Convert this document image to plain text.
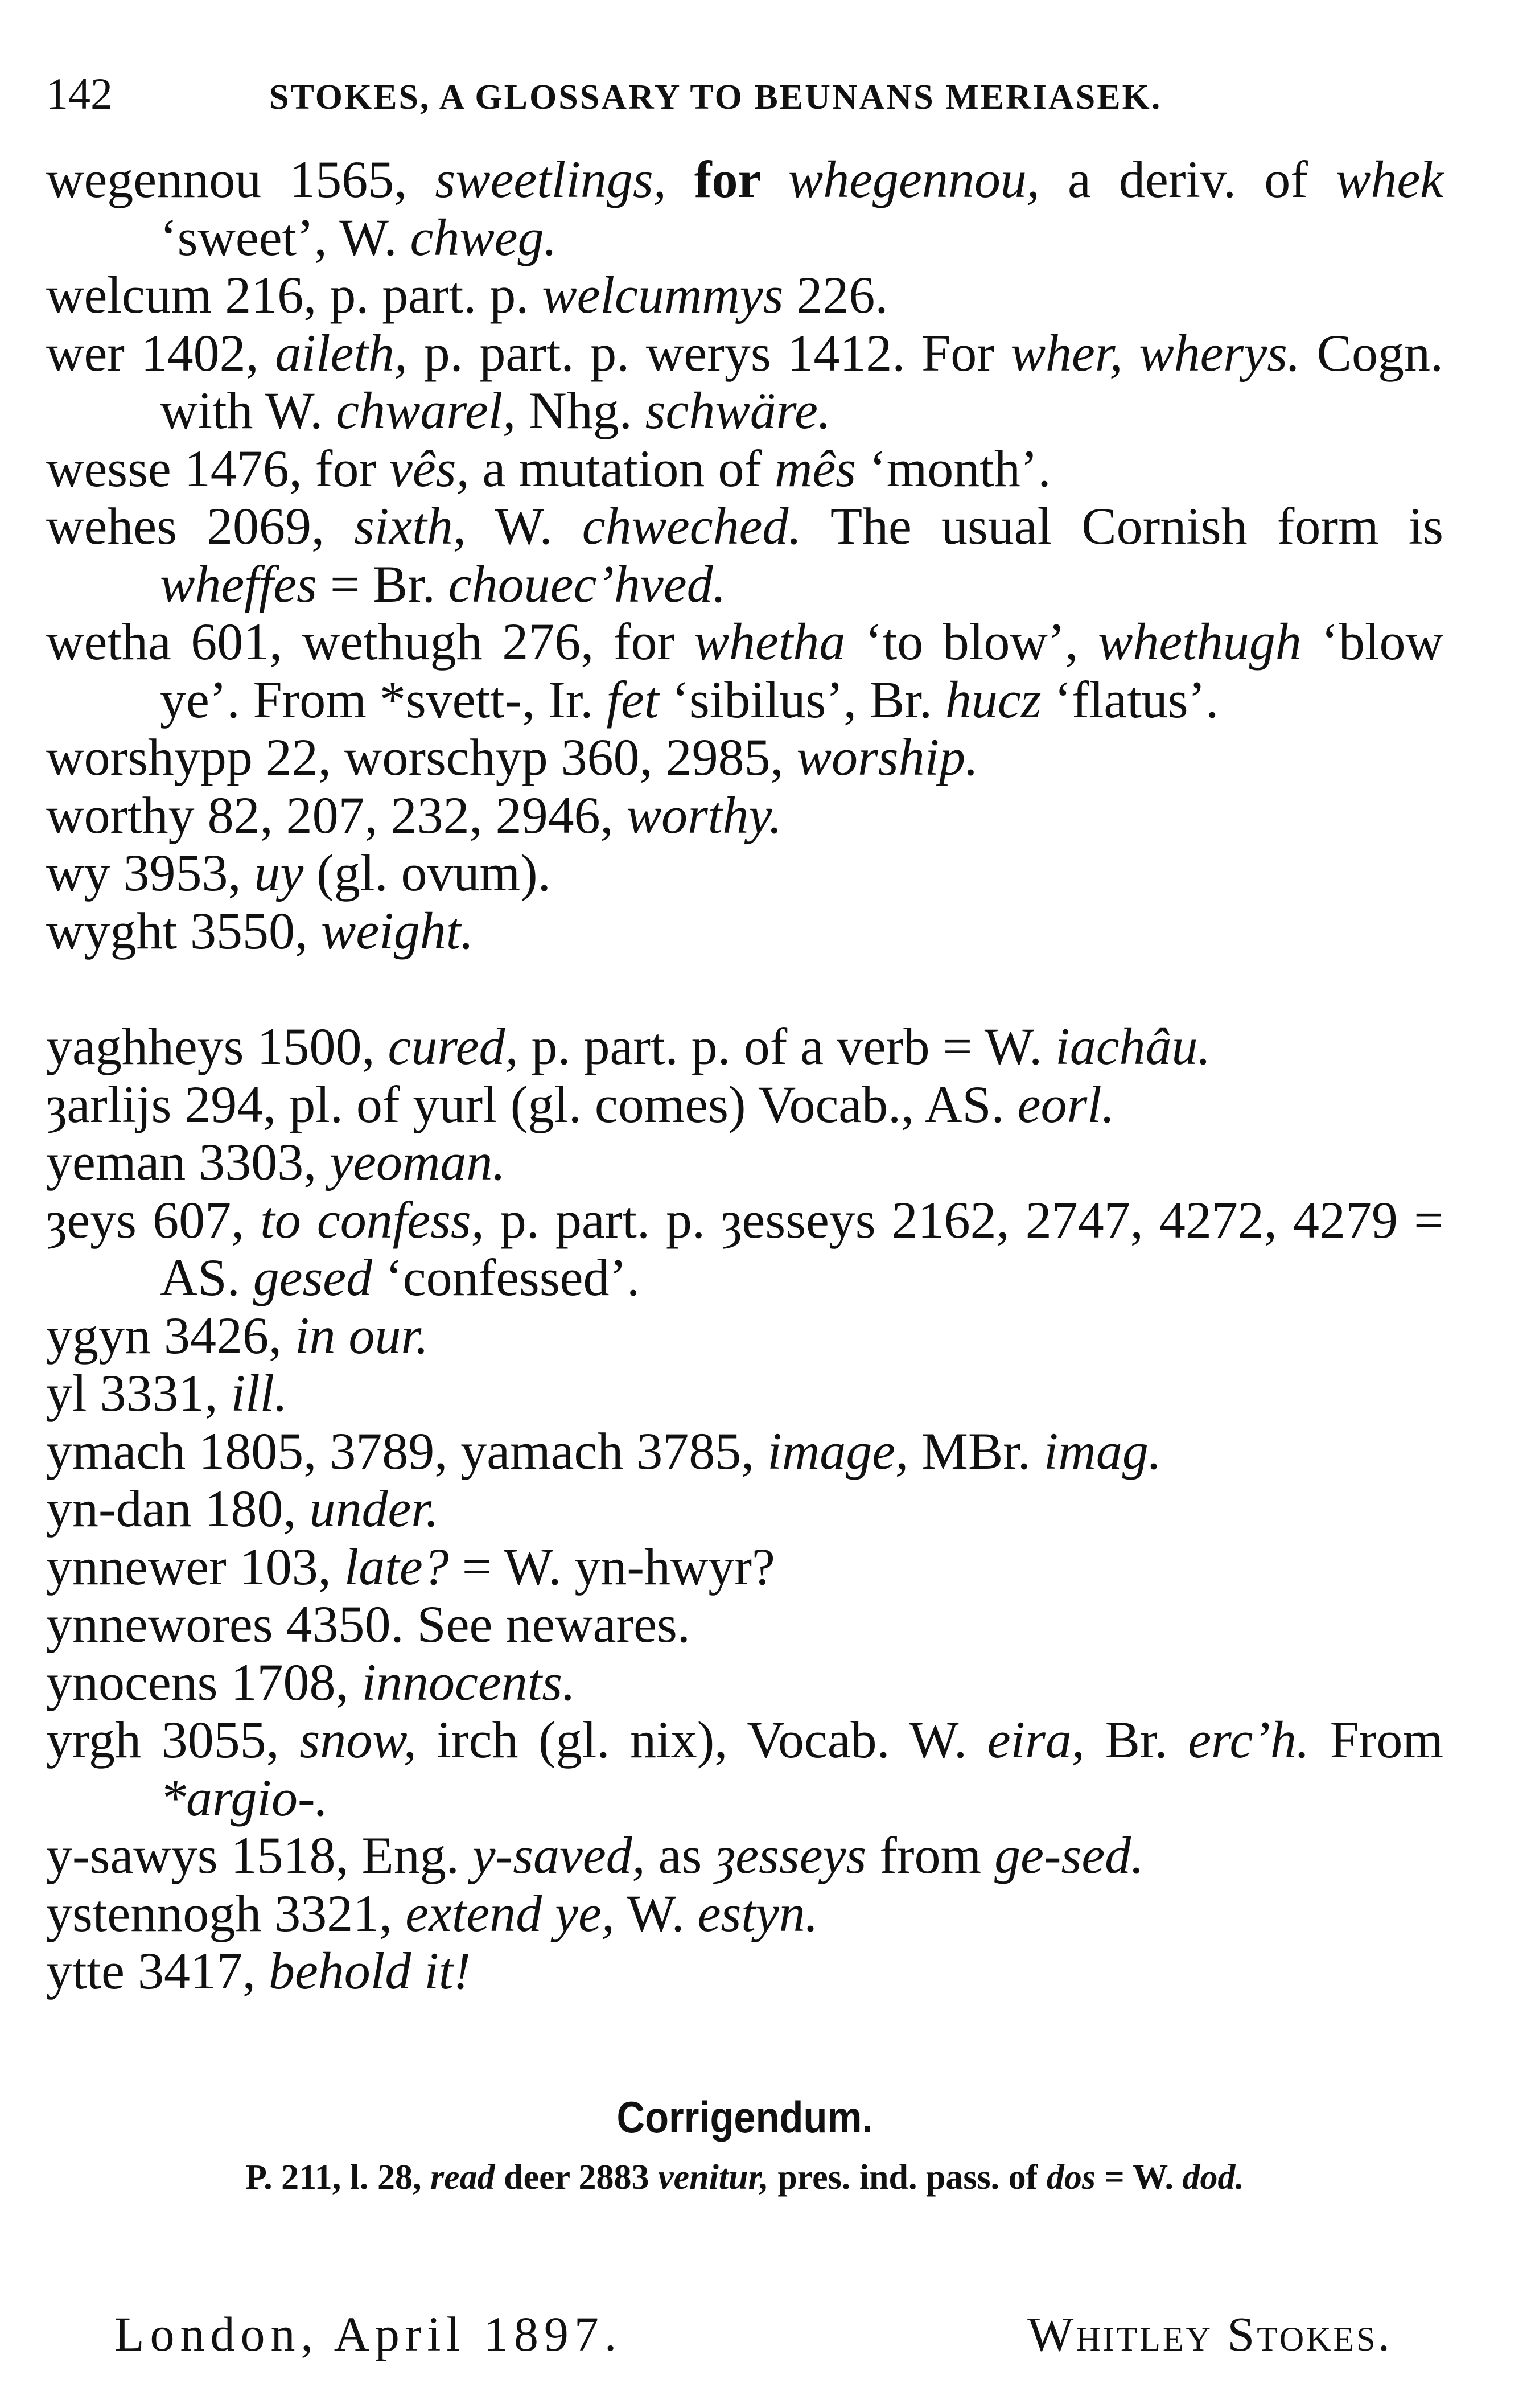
142	STOKES, A GLOSSARY TO BEUNANS MERIASEK.
wegennou 1565, sweetlings, for whegennou, a deriv. of whek ‘sweet’, W. chweg.
welcum 216, p. part. p. welcummys 226.
wer 1402, aileth, p. part. p. werys 1412. For wher, wherys. Cogn. with W. chwarel, Nhg. schwäre.
wesse 1476, for vês, a mutation of mês ‘month’.
wehes 2069, sixth, W. chweched. The usual Cornish form is wheffes = Br. chouec’hved.
wetha 601, wethugh 276, for whetha ‘to blow’, whethugh ‘blow ye’. From *svett-, Ir. fet ‘sibilus’, Br. hucz ‘flatus’.
worshypp 22, worschyp 360, 2985, worship.
worthy 82, 207, 232, 2946, worthy.
wy 3953, uy (gl. ovum).
wyght 3550, weight.
yaghheys 1500, cured, p. part. p. of a verb = W. iachâu.
ȝarlijs 294, pl. of yurl (gl. comes) Vocab., AS. eorl.
yeman 3303, yeoman.
ȝeys 607, to confess, p. part. p. ȝesseys 2162, 2747, 4272, 4279 = AS. gesed ‘confessed’.
ygyn 3426, in our.
yl 3331, ill.
ymach 1805, 3789, yamach 3785, image, MBr. imag.
yn-dan 180, under.
ynnewer 103, late? = W. yn-hwyr?
ynnewores 4350. See newares.
ynocens 1708, innocents.
yrgh 3055, snow, irch (gl. nix), Vocab. W. eira, Br. erc’h. From *argio-.
y-sawys 1518, Eng. y-saved, as ȝesseys from ge-sed.
ystennogh 3321, extend ye, W. estyn.
ytte 3417, behold it!
Corrigendum.
P. 211, l. 28, read deer 2883 venitur, pres. ind. pass. of dos = W. dod.
London, April 1897.	Whitley Stokes.
